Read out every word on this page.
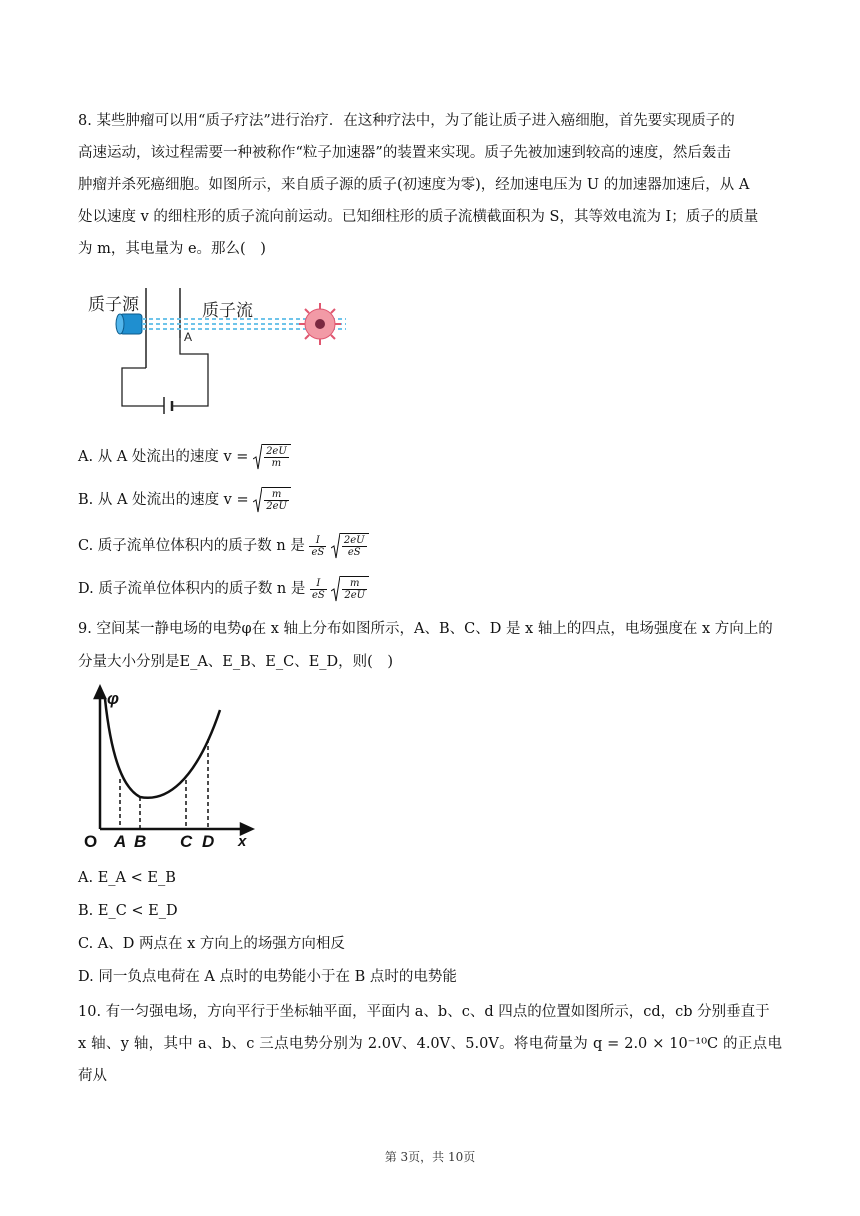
8. 某些肿瘤可以用“质子疗法”进行治疗．在这种疗法中，为了能让质子进入癌细胞，首先要实现质子的

高速运动，该过程需要一种被称作“粒子加速器”的装置来实现。质子先被加速到较高的速度，然后轰击

肿瘤并杀死癌细胞。如图所示，来自质子源的质子(初速度为零)，经加速电压为 U 的加速器加速后，从 A

处以速度 v 的细柱形的质子流向前运动。已知细柱形的质子流横截面积为 S，其等效电流为 I；质子的质量

为 m，其电量为 e。那么(　)

质子源	质子流
A
A. 从 A 处流出的速度 $v = \frac{2eU}{m}$
B. 从 A 处流出的速度 $v = \frac{m}{2eU}$
C. 质子流单位体积内的质子数 n 是 $\frac{I}{eS}$
$\frac{2eU}{eS}$
D. 质子流单位体积内的质子数 n 是 $\frac{I}{eS}$
$\frac{m}{2eU}$

9. 空间某一静电场的电势φ在 x 轴上分布如图所示，A、B、C、D 是 x 轴上的四点，电场强度在 x 方向上的

分量大小分别是E_A、E_B、E_C、E_D，则(　)

φ
x
O A B C D
A. E_A < E_B
B. E_C < E_D
C. A、D 两点在 x 方向上的场强方向相反
D. 同一负点电荷在 A 点时的电势能小于在 B 点时的电势能

10. 有一匀强电场，方向平行于坐标轴平面，平面内 a、b、c、d 四点的位置如图所示，cd，cb 分别垂直于

x 轴、y 轴，其中 a、b、c 三点电势分别为 2.0V、4.0V、5.0V。将电荷量为 q = 2.0 × 10⁻¹⁰C 的正点电荷从

第 3页，共 10页
